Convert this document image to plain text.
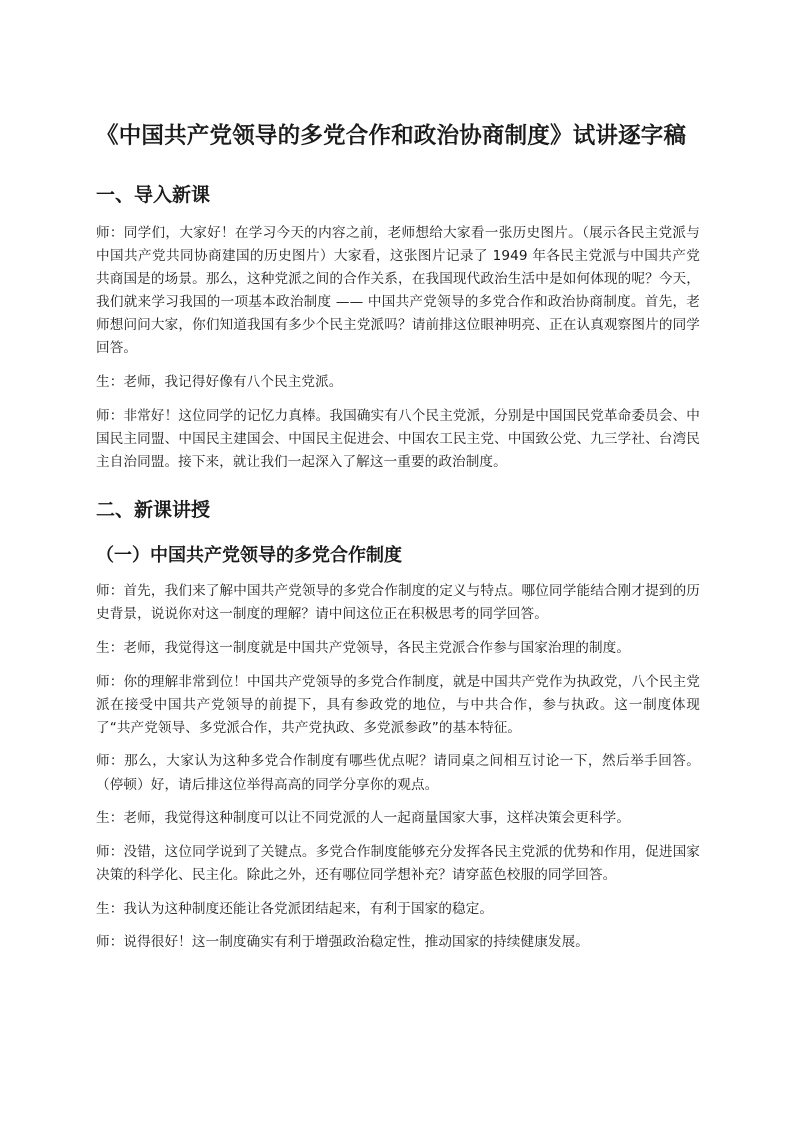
《中国共产党领导的多党合作和政治协商制度》试讲逐字稿
一、导入新课
师：同学们，大家好！在学习今天的内容之前，老师想给大家看一张历史图片。（展示各民主党派与中国共产党共同协商建国的历史图片）大家看，这张图片记录了 1949 年各民主党派与中国共产党共商国是的场景。那么，这种党派之间的合作关系，在我国现代政治生活中是如何体现的呢？今天，我们就来学习我国的一项基本政治制度 —— 中国共产党领导的多党合作和政治协商制度。首先，老师想问问大家，你们知道我国有多少个民主党派吗？请前排这位眼神明亮、正在认真观察图片的同学回答。
生：老师，我记得好像有八个民主党派。
师：非常好！这位同学的记忆力真棒。我国确实有八个民主党派，分别是中国国民党革命委员会、中国民主同盟、中国民主建国会、中国民主促进会、中国农工民主党、中国致公党、九三学社、台湾民主自治同盟。接下来，就让我们一起深入了解这一重要的政治制度。
二、新课讲授
（一）中国共产党领导的多党合作制度
师：首先，我们来了解中国共产党领导的多党合作制度的定义与特点。哪位同学能结合刚才提到的历史背景，说说你对这一制度的理解？请中间这位正在积极思考的同学回答。
生：老师，我觉得这一制度就是中国共产党领导，各民主党派合作参与国家治理的制度。
师：你的理解非常到位！中国共产党领导的多党合作制度，就是中国共产党作为执政党，八个民主党派在接受中国共产党领导的前提下，具有参政党的地位，与中共合作，参与执政。这一制度体现了“共产党领导、多党派合作，共产党执政、多党派参政”的基本特征。
师：那么，大家认为这种多党合作制度有哪些优点呢？请同桌之间相互讨论一下，然后举手回答。（停顿）好，请后排这位举得高高的同学分享你的观点。
生：老师，我觉得这种制度可以让不同党派的人一起商量国家大事，这样决策会更科学。
师：没错，这位同学说到了关键点。多党合作制度能够充分发挥各民主党派的优势和作用，促进国家决策的科学化、民主化。除此之外，还有哪位同学想补充？请穿蓝色校服的同学回答。
生：我认为这种制度还能让各党派团结起来，有利于国家的稳定。
师：说得很好！这一制度确实有利于增强政治稳定性，推动国家的持续健康发展。
